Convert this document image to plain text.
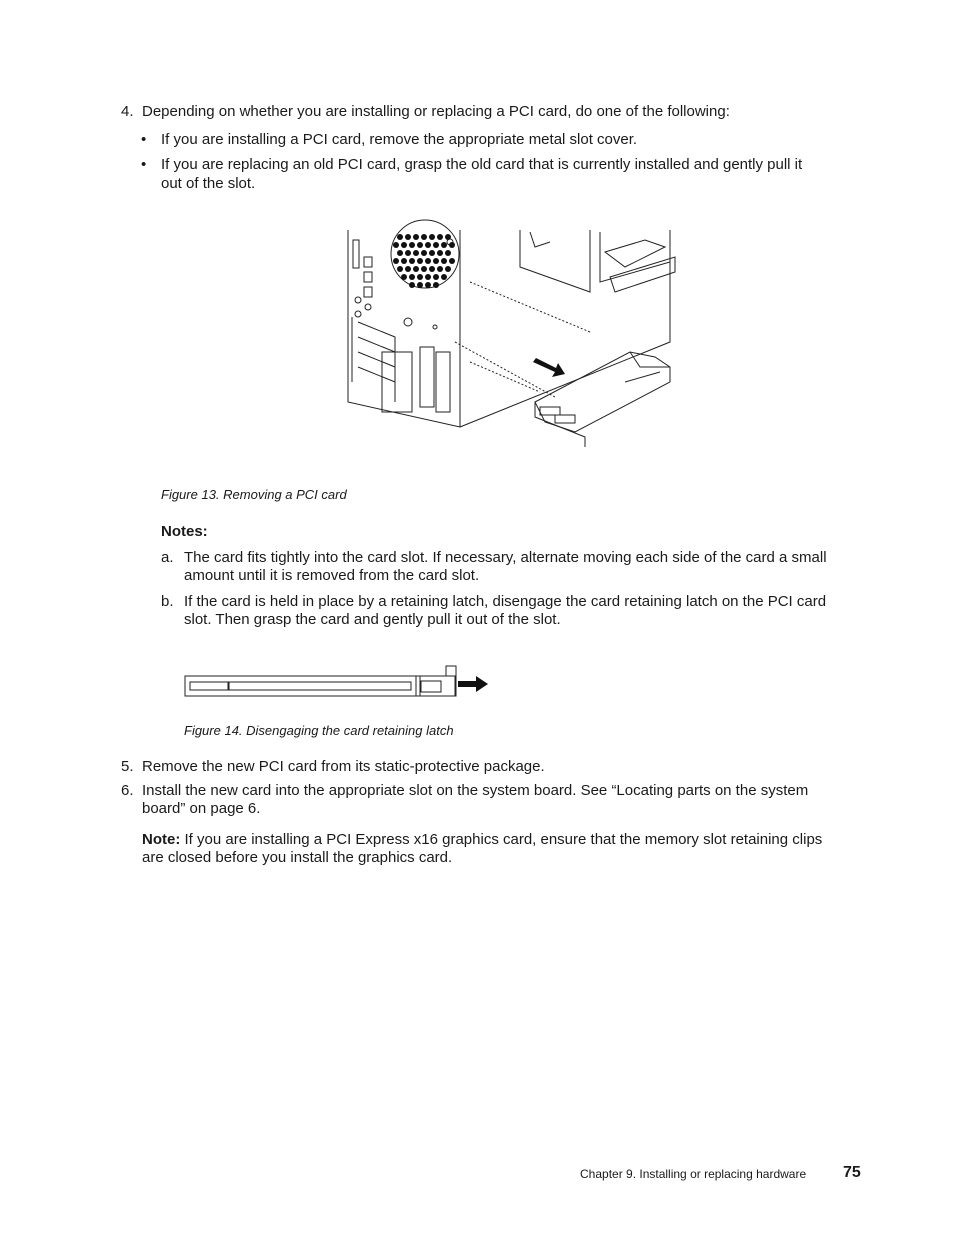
4. Depending on whether you are installing or replacing a PCI card, do one of the following:
• If you are installing a PCI card, remove the appropriate metal slot cover.
• If you are replacing an old PCI card, grasp the old card that is currently installed and gently pull it
out of the slot.
Figure 13. Removing a PCI card
Notes:
a. The card fits tightly into the card slot. If necessary, alternate moving each side of the card a small
amount until it is removed from the card slot.
b. If the card is held in place by a retaining latch, disengage the card retaining latch on the PCI card
slot. Then grasp the card and gently pull it out of the slot.
Figure 14. Disengaging the card retaining latch
5. Remove the new PCI card from its static-protective package.
6. Install the new card into the appropriate slot on the system board. See “Locating parts on the system
board” on page 6.
Note: If you are installing a PCI Express x16 graphics card, ensure that the memory slot retaining clips
are closed before you install the graphics card.
Chapter 9. Installing or replacing hardware 75
